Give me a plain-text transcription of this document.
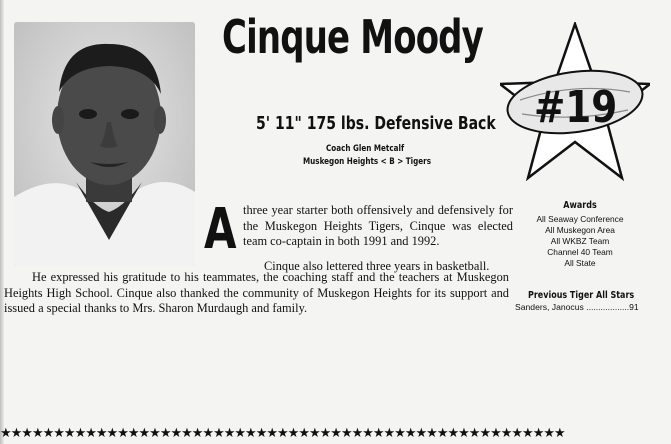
Cinque Moody
5' 11" 175 lbs. Defensive Back
Coach Glen Metcalf
Muskegon Heights < B > Tigers
#19
A three year starter both offensively and defensively for the Muskegon Heights Tigers, Cinque was elected team co-captain in both 1991 and 1992.
Cinque also lettered three years in basketball.
He expressed his gratitude to his teammates, the coaching staff and the teachers at Muskegon Heights High School. Cinque also thanked the community of Muskegon Heights for its support and issued a special thanks to Mrs. Sharon Murdaugh and family.
Awards
All Seaway Conference
All Muskegon Area
All WKBZ Team
Channel 40 Team
All State
Previous Tiger All Stars
Sanders, Janocus ..................91
★★★★★★★★★★★★★★★★★★★★★★★★★★★★★★★★★★★★★★★★★★★★★★★★★★★★★
